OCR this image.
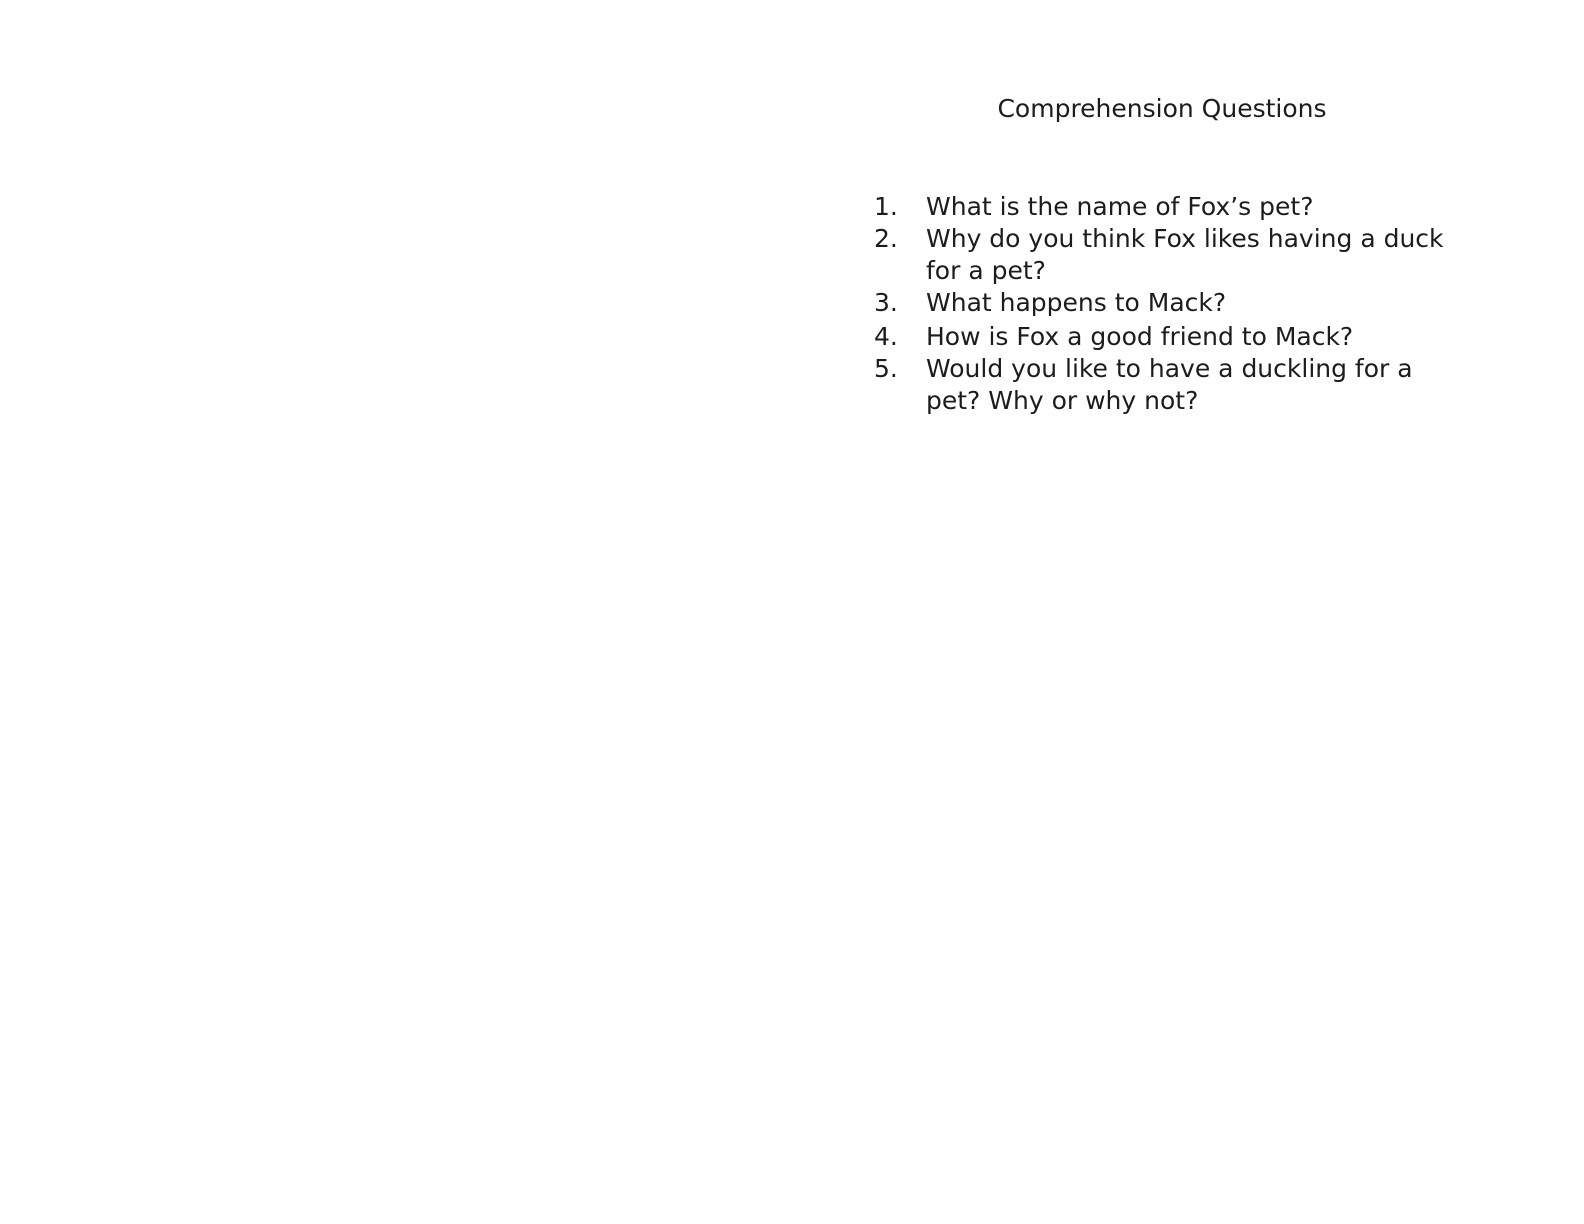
Comprehension Questions
1.	What is the name of Fox’s pet?
2.	Why do you think Fox likes having a duck for a pet?
3.	What happens to Mack?
4.	How is Fox a good friend to Mack?
5.	Would you like to have a duckling for a pet? Why or why not?
